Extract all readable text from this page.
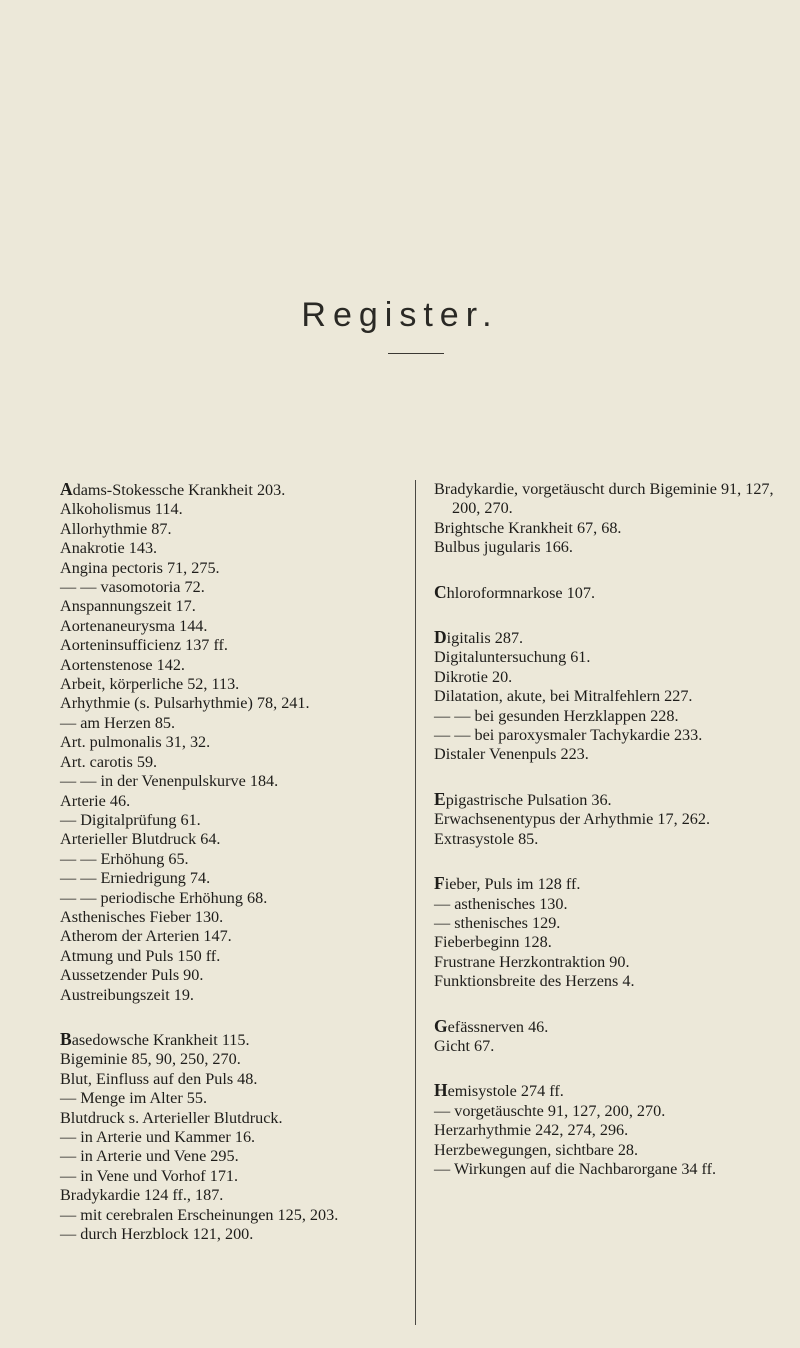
Register.
Adams-Stokessche Krankheit 203.
Alkoholismus 114.
Allorhythmie 87.
Anakrotie 143.
Angina pectoris 71, 275.
— — vasomotoria 72.
Anspannungszeit 17.
Aortenaneurysma 144.
Aorteninsufficienz 137 ff.
Aortenstenose 142.
Arbeit, körperliche 52, 113.
Arhythmie (s. Pulsarhythmie) 78, 241.
— am Herzen 85.
Art. pulmonalis 31, 32.
Art. carotis 59.
— — in der Venenpulskurve 184.
Arterie 46.
— Digitalprüfung 61.
Arterieller Blutdruck 64.
— — Erhöhung 65.
— — Erniedrigung 74.
— — periodische Erhöhung 68.
Asthenisches Fieber 130.
Atherom der Arterien 147.
Atmung und Puls 150 ff.
Aussetzender Puls 90.
Austreibungszeit 19.
Basedowsche Krankheit 115.
Bigeminie 85, 90, 250, 270.
Blut, Einfluss auf den Puls 48.
— Menge im Alter 55.
Blutdruck s. Arterieller Blutdruck.
— in Arterie und Kammer 16.
— in Arterie und Vene 295.
— in Vene und Vorhof 171.
Bradykardie 124 ff., 187.
— mit cerebralen Erscheinungen 125, 203.
— durch Herzblock 121, 200.
Bradykardie, vorgetäuscht durch Bigeminie 91, 127, 200, 270.
Brightsche Krankheit 67, 68.
Bulbus jugularis 166.
Chloroformnarkose 107.
Digitalis 287.
Digitaluntersuchung 61.
Dikrotie 20.
Dilatation, akute, bei Mitralfehlern 227.
— — bei gesunden Herzklappen 228.
— — bei paroxysmaler Tachykardie 233.
Distaler Venenpuls 223.
Epigastrische Pulsation 36.
Erwachsenentypus der Arhythmie 17, 262.
Extrasystole 85.
Fieber, Puls im 128 ff.
— asthenisches 130.
— sthenisches 129.
Fieberbeginn 128.
Frustrane Herzkontraktion 90.
Funktionsbreite des Herzens 4.
Gefässnerven 46.
Gicht 67.
Hemisystole 274 ff.
— vorgetäuschte 91, 127, 200, 270.
Herzarhythmie 242, 274, 296.
Herzbewegungen, sichtbare 28.
— Wirkungen auf die Nachbarorgane 34 ff.
